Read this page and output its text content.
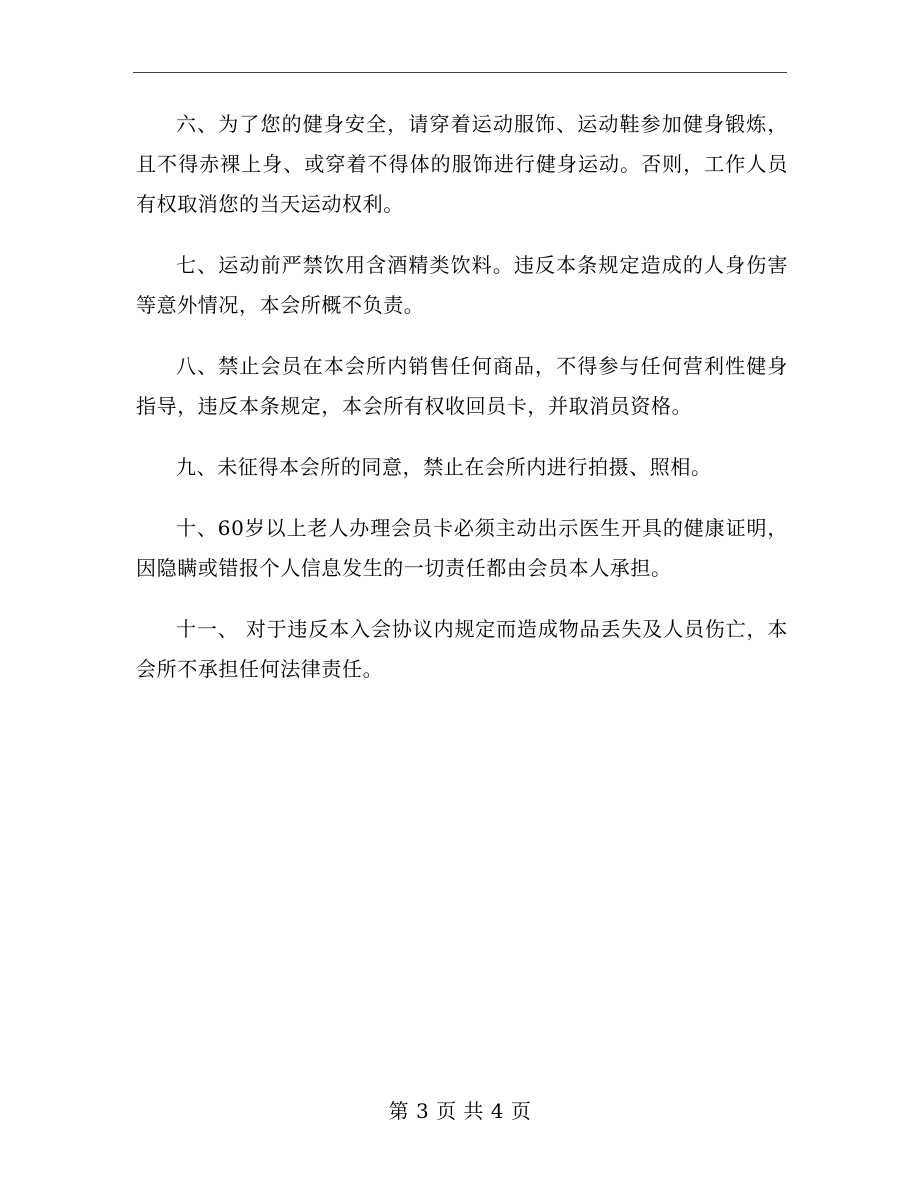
六、为了您的健身安全，请穿着运动服饰、运动鞋参加健身锻炼，且不得赤裸上身、或穿着不得体的服饰进行健身运动。否则，工作人员有权取消您的当天运动权利。

七、运动前严禁饮用含酒精类饮料。违反本条规定造成的人身伤害等意外情况，本会所概不负责。

八、禁止会员在本会所内销售任何商品，不得参与任何营利性健身指导，违反本条规定，本会所有权收回员卡，并取消员资格。

九、未征得本会所的同意，禁止在会所内进行拍摄、照相。

十、60岁以上老人办理会员卡必须主动出示医生开具的健康证明，因隐瞒或错报个人信息发生的一切责任都由会员本人承担。

十一、 对于违反本入会协议内规定而造成物品丢失及人员伤亡，本会所不承担任何法律责任。

第 3 页 共 4 页
